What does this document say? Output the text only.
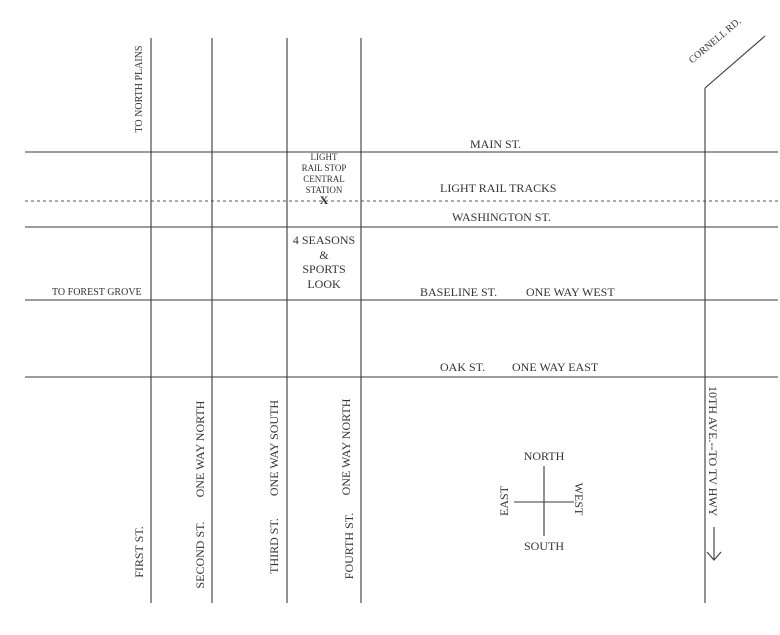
MAIN ST.
LIGHT RAIL TRACKS
WASHINGTON ST.
BASELINE ST. ONE WAY WEST
OAK ST. ONE WAY EAST
TO FOREST GROVE
TO NORTH PLAINS
LIGHT
RAIL STOP
CENTRAL
STATION
X
4 SEASONS
&
SPORTS
LOOK
FIRST ST.	SECOND ST.
ONE WAY NORTH
THIRD ST.
ONE WAY SOUTH
FOURTH ST.
ONE WAY NORTH	10TH AVE.--TO TV HWY
CORNELL RD.
NORTH
SOUTH
EAST	WEST
